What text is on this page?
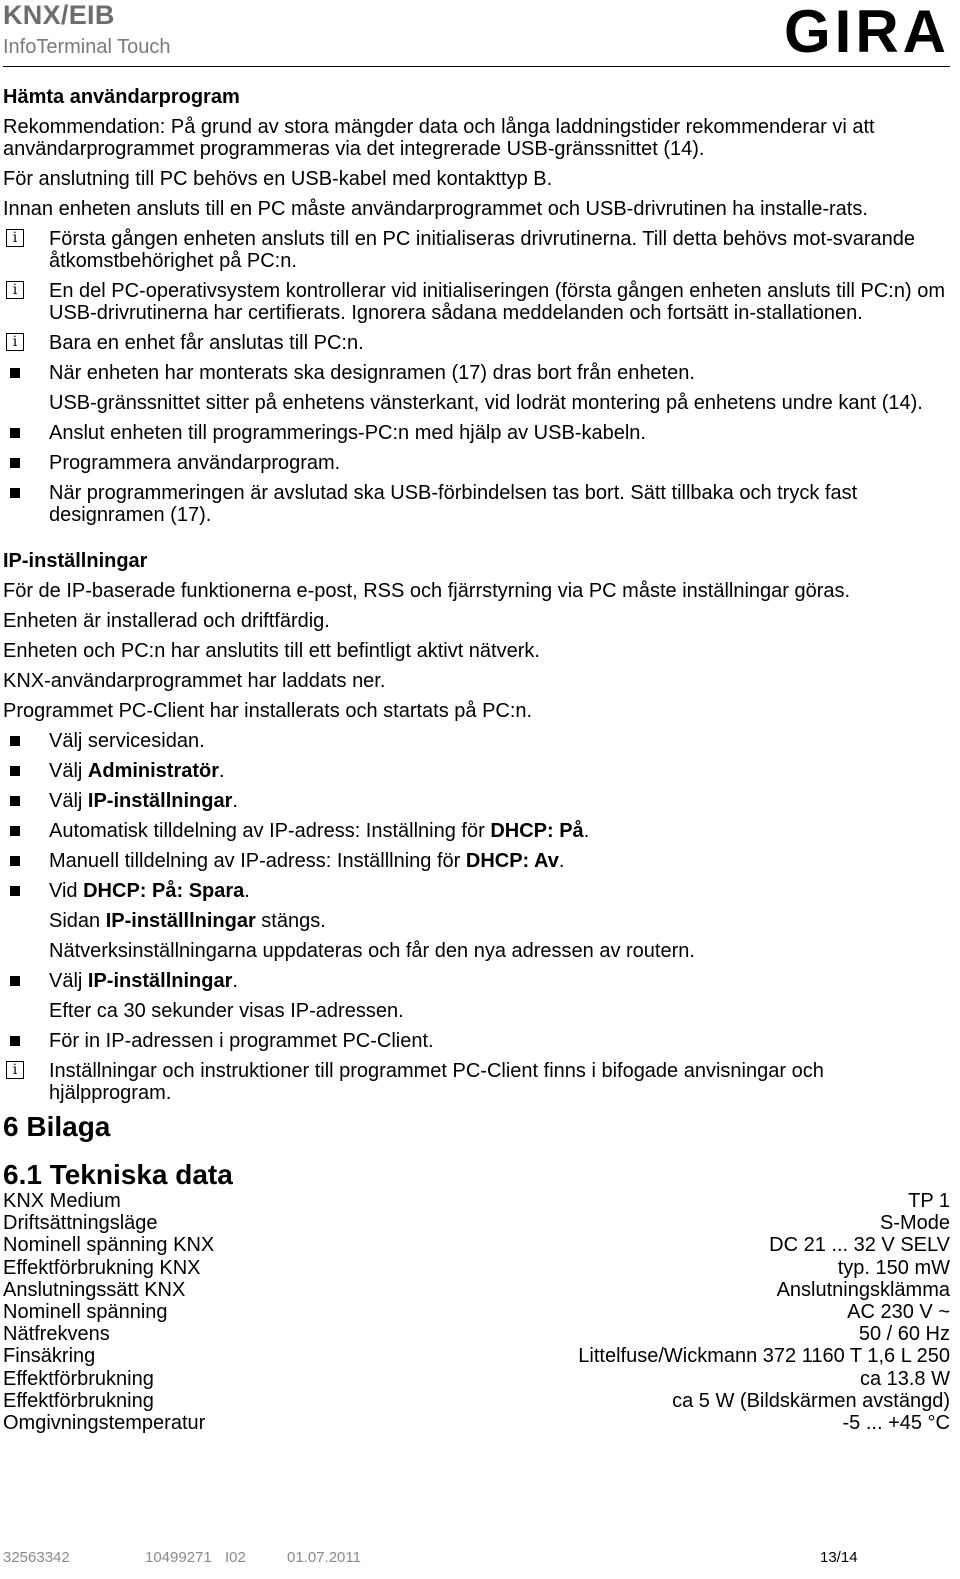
KNX/EIB
InfoTerminal Touch	GIRA
Hämta användarprogram
Rekommendation: På grund av stora mängder data och långa laddningstider rekommenderar vi att användarprogrammet programmeras via det integrerade USB-gränssnittet (14).
För anslutning till PC behövs en USB-kabel med kontakttyp B.
Innan enheten ansluts till en PC måste användarprogrammet och USB-drivrutinen ha installe-rats.
i	Första gången enheten ansluts till en PC initialiseras drivrutinerna. Till detta behövs mot-svarande åtkomstbehörighet på PC:n.
i	En del PC-operativsystem kontrollerar vid initialiseringen (första gången enheten ansluts till PC:n) om USB-drivrutinerna har certifierats. Ignorera sådana meddelanden och fortsätt in-stallationen.
i	Bara en enhet får anslutas till PC:n.
När enheten har monterats ska designramen (17) dras bort från enheten.
USB-gränssnittet sitter på enhetens vänsterkant, vid lodrät montering på enhetens undre kant (14).
Anslut enheten till programmerings-PC:n med hjälp av USB-kabeln.
Programmera användarprogram.
När programmeringen är avslutad ska USB-förbindelsen tas bort. Sätt tillbaka och tryck fast designramen (17).
IP-inställningar
För de IP-baserade funktionerna e-post, RSS och fjärrstyrning via PC måste inställningar göras.
Enheten är installerad och driftfärdig.
Enheten och PC:n har anslutits till ett befintligt aktivt nätverk.
KNX-användarprogrammet har laddats ner.
Programmet PC-Client har installerats och startats på PC:n.
Välj servicesidan.
Välj Administratör.
Välj IP-inställningar.
Automatisk tilldelning av IP-adress: Inställning för DHCP: På.
Manuell tilldelning av IP-adress: Inställlning för DHCP: Av.
Vid DHCP: På: Spara.
Sidan IP-inställlningar stängs.
Nätverksinställningarna uppdateras och får den nya adressen av routern.
Välj IP-inställningar.
Efter ca 30 sekunder visas IP-adressen.
För in IP-adressen i programmet PC-Client.
i	Inställningar och instruktioner till programmet PC-Client finns i bifogade anvisningar och hjälpprogram.
6 Bilaga
6.1 Tekniska data
KNX Medium	TP 1
Driftsättningsläge	S-Mode
Nominell spänning KNX	DC 21 ... 32 V SELV
Effektförbrukning KNX	typ. 150 mW
Anslutningssätt KNX	Anslutningsklämma
Nominell spänning	AC 230 V ~
Nätfrekvens	50 / 60 Hz
Finsäkring	Littelfuse/Wickmann 372 1160 T 1,6 L 250
Effektförbrukning	ca 13.8 W
Effektförbrukning	ca 5 W (Bildskärmen avstängd)
Omgivningstemperatur	-5 ... +45 °C
32563342	10499271 I02	01.07.2011	13/14
